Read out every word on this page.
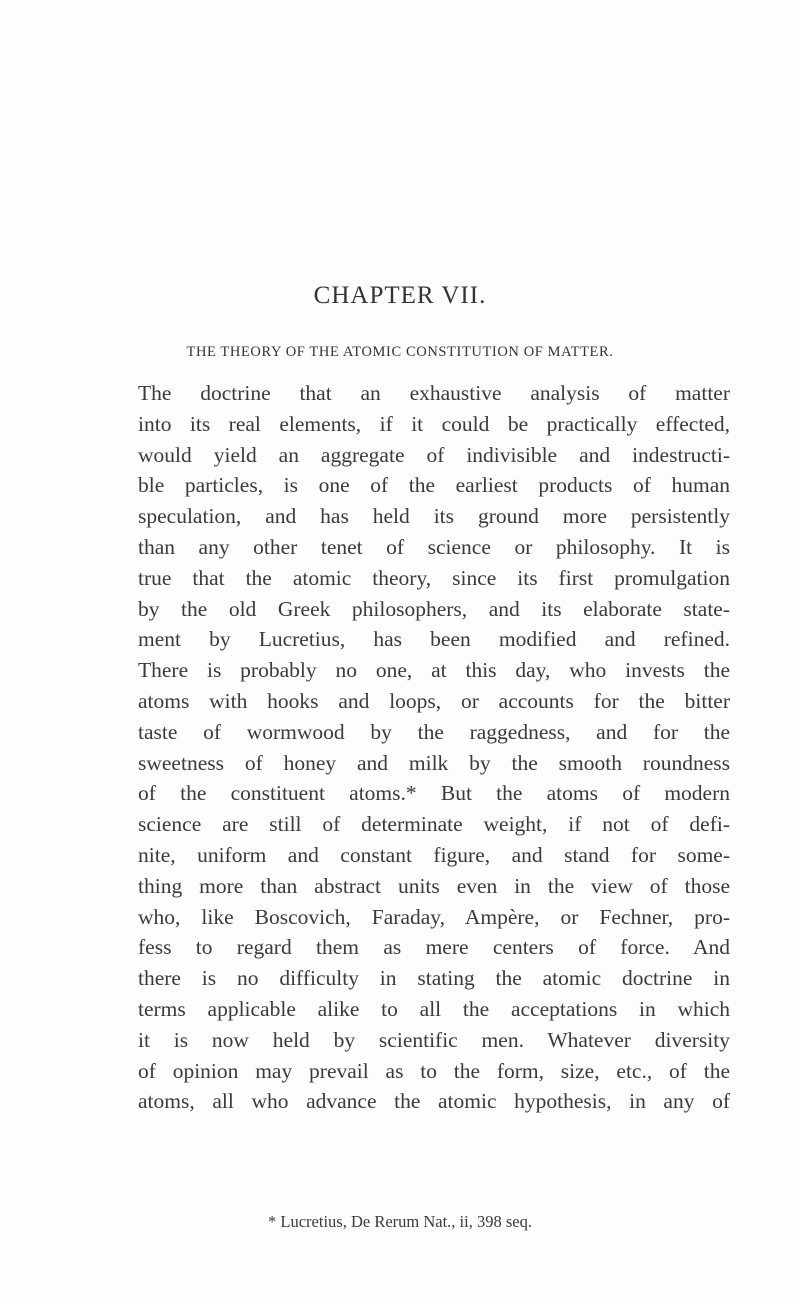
CHAPTER VII.
THE THEORY OF THE ATOMIC CONSTITUTION OF MATTER.
The doctrine that an exhaustive analysis of matter
into its real elements, if it could be practically effected,
would yield an aggregate of indivisible and indestructi-
ble particles, is one of the earliest products of human
speculation, and has held its ground more persistently
than any other tenet of science or philosophy. It is
true that the atomic theory, since its first promulgation
by the old Greek philosophers, and its elaborate state-
ment by Lucretius, has been modified and refined.
There is probably no one, at this day, who invests the
atoms with hooks and loops, or accounts for the bitter
taste of wormwood by the raggedness, and for the
sweetness of honey and milk by the smooth roundness
of the constituent atoms.* But the atoms of modern
science are still of determinate weight, if not of defi-
nite, uniform and constant figure, and stand for some-
thing more than abstract units even in the view of those
who, like Boscovich, Faraday, Ampère, or Fechner, pro-
fess to regard them as mere centers of force. And
there is no difficulty in stating the atomic doctrine in
terms applicable alike to all the acceptations in which
it is now held by scientific men. Whatever diversity
of opinion may prevail as to the form, size, etc., of the
atoms, all who advance the atomic hypothesis, in any of
* Lucretius, De Rerum Nat., ii, 398 seq.
